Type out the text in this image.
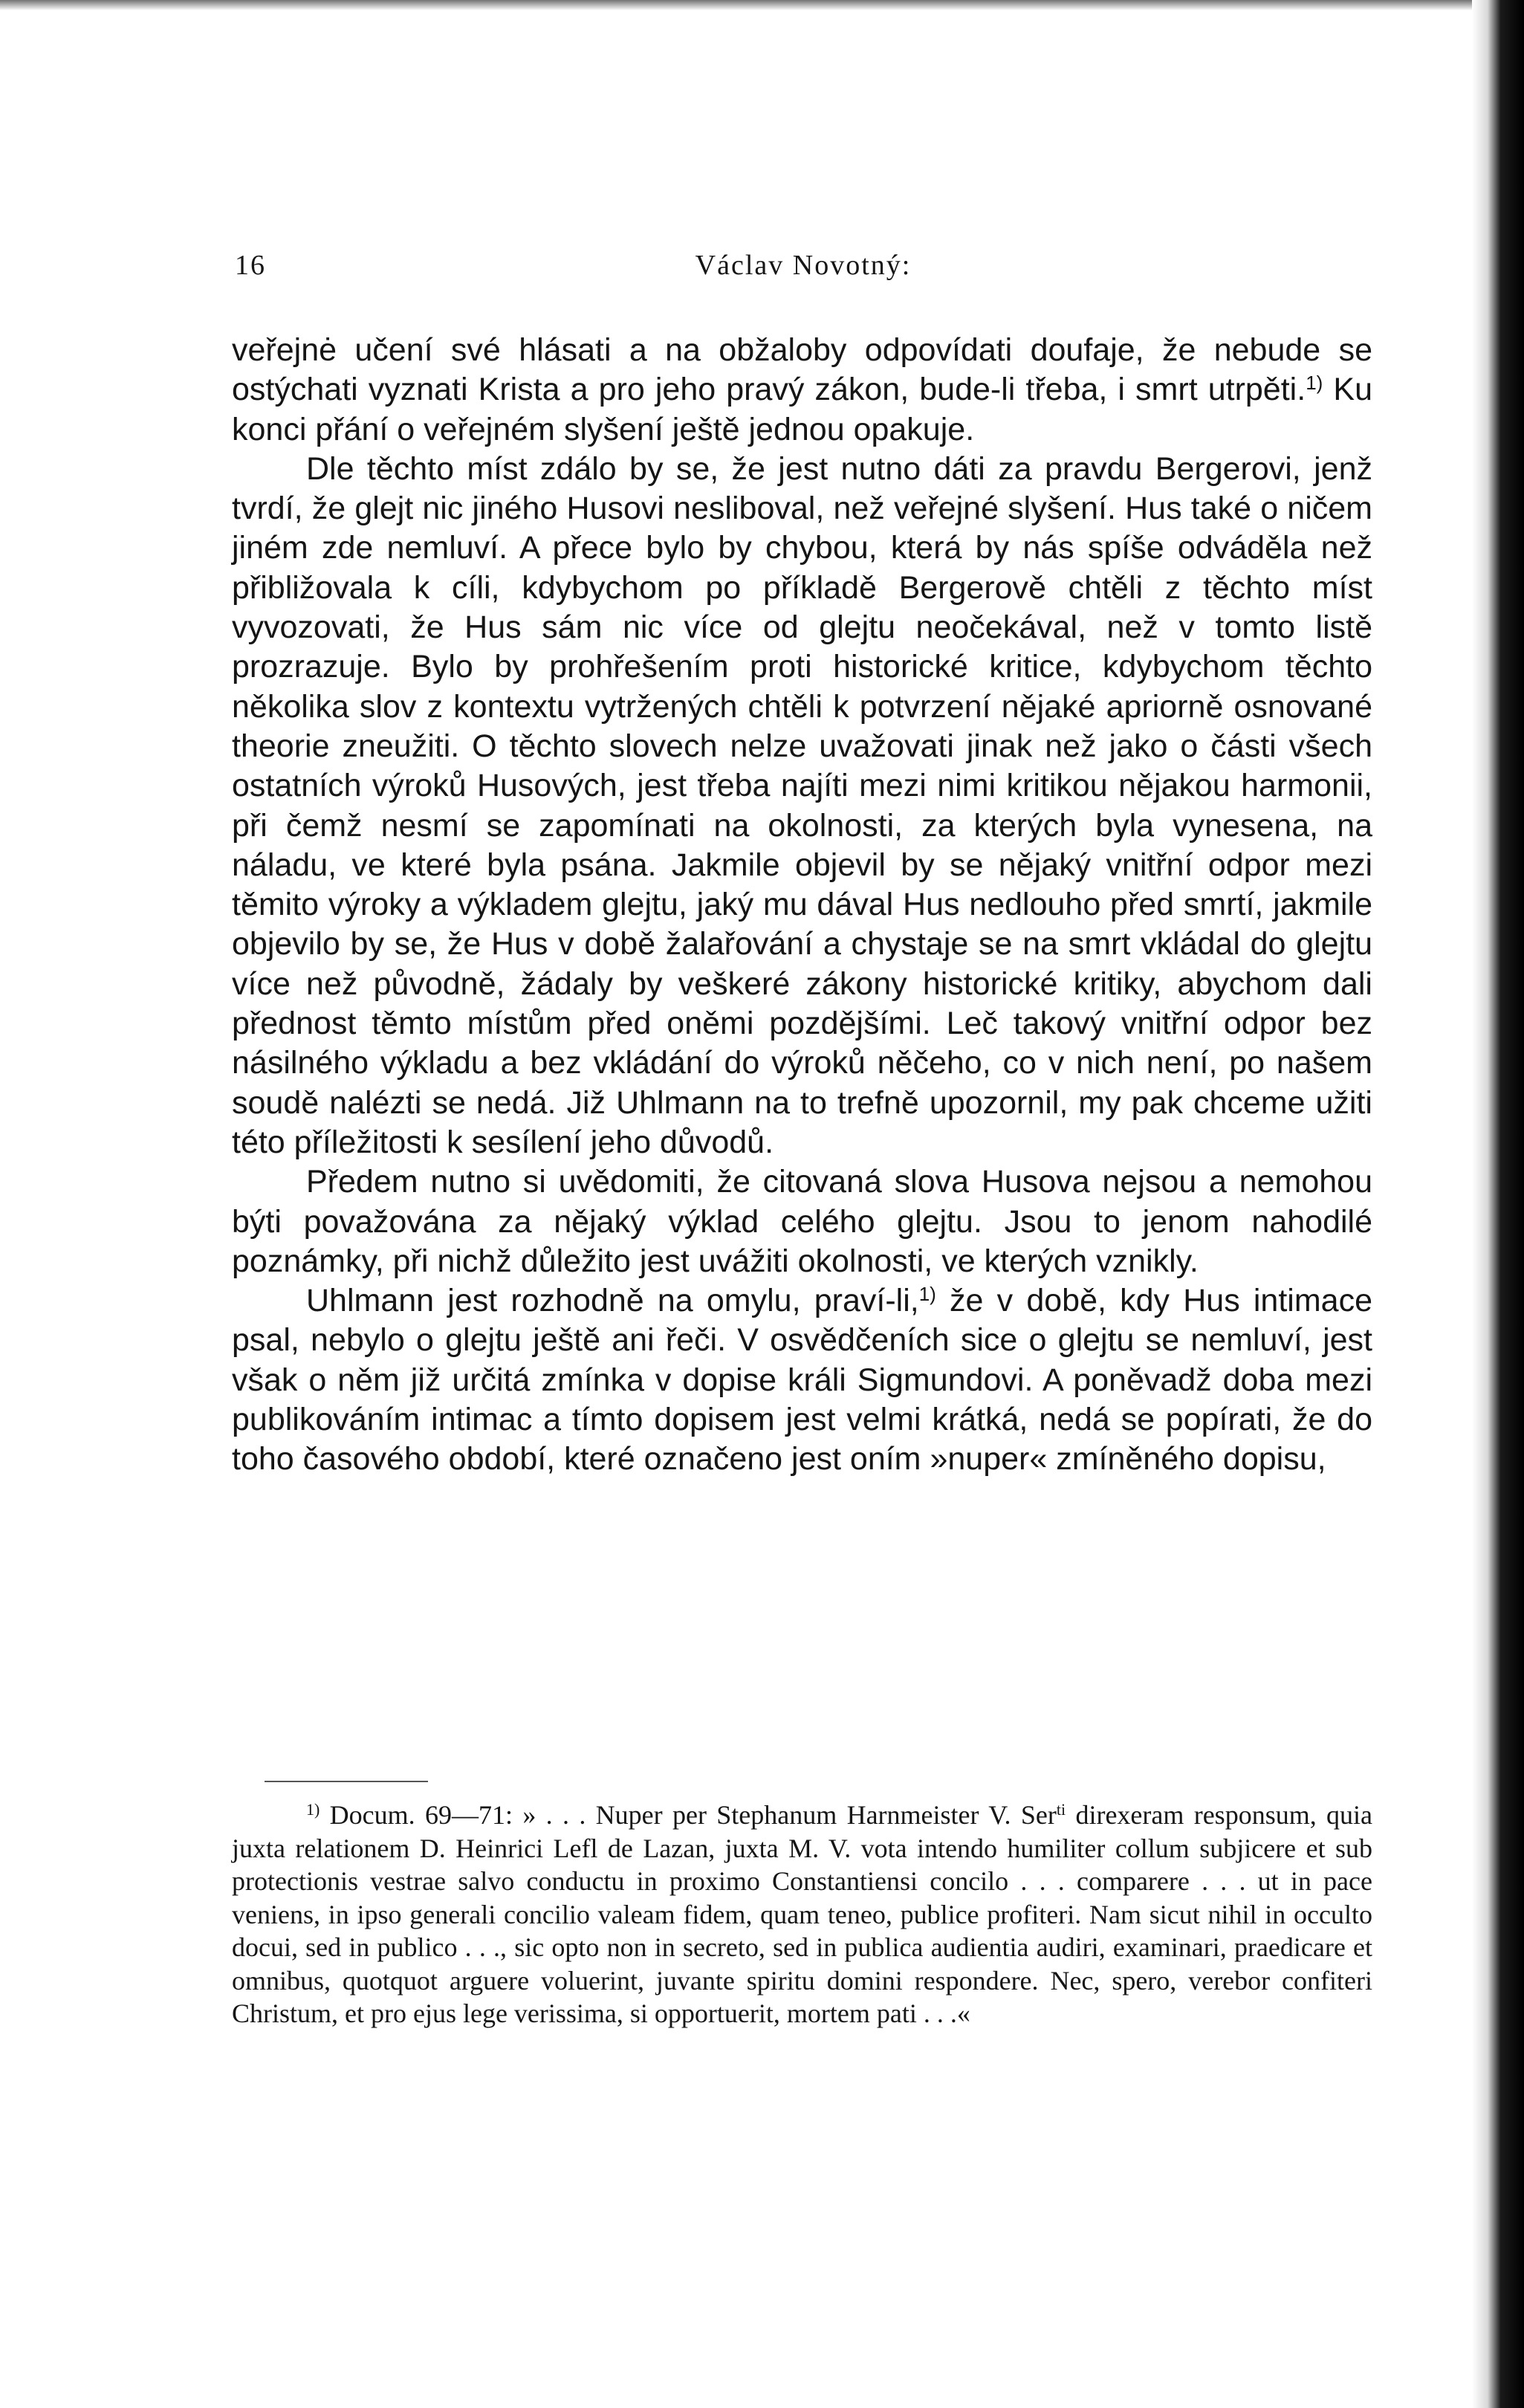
16	Václav Novotný:

veřejnė učení své hlásati a na obžaloby odpovídati doufaje, že nebude se ostýchati vyznati Krista a pro jeho pravý zákon, bude-li třeba, i smrt utrpěti.$^{1)}$ Ku konci přání o veřejném slyšení ještě jednou opakuje.

Dle těchto míst zdálo by se, že jest nutno dáti za pravdu Bergerovi, jenž tvrdí, že glejt nic jiného Husovi nesliboval, než veřejné slyšení. Hus také o ničem jiném zde nemluví. A přece bylo by chybou, která by nás spíše odváděla než přibližovala k cíli, kdybychom po příkladě Bergerově chtěli z těchto míst vyvozovati, že Hus sám nic více od glejtu neočekával, než v tomto listě prozrazuje. Bylo by prohřešením proti historické kritice, kdybychom těchto několika slov z kontextu vytržených chtěli k potvrzení nějaké apriorně osnované theorie zneužiti. O těchto slovech nelze uvažovati jinak než jako o části všech ostatních výroků Husových, jest třeba najíti mezi nimi kritikou nějakou harmonii, při čemž nesmí se zapomínati na okolnosti, za kterých byla vynesena, na náladu, ve které byla psána. Jakmile objevil by se nějaký vnitřní odpor mezi těmito výroky a výkladem glejtu, jaký mu dával Hus nedlouho před smrtí, jakmile objevilo by se, že Hus v době žalařování a chystaje se na smrt vkládal do glejtu více než původně, žádaly by veškeré zákony historické kritiky, abychom dali přednost těmto místům před oněmi pozdějšími. Leč takový vnitřní odpor bez násilného výkladu a bez vkládání do výroků něčeho, co v nich není, po našem soudě nalézti se nedá. Již Uhlmann na to trefně upozornil, my pak chceme užiti této příležitosti k sesílení jeho důvodů.

Předem nutno si uvědomiti, že citovaná slova Husova nejsou a nemohou býti považována za nějaký výklad celého glejtu. Jsou to jenom nahodilé poznámky, při nichž důležito jest uvážiti okolnosti, ve kterých vznikly.

Uhlmann jest rozhodně na omylu, praví-li,$^{1)}$ že v době, kdy Hus intimace psal, nebylo o glejtu ještě ani řeči. V osvědčeních sice o glejtu se nemluví, jest však o něm již určitá zmínka v dopise králi Sigmundovi. A poněvadž doba mezi publikováním intimac a tímto dopisem jest velmi krátká, nedá se popírati, že do toho časového období, které označeno jest oním »nuper« zmíněného dopisu,

$^{1)}$ Docum. 69—71: » . . . Nuper per Stephanum Harnmeister V. Ser$^{ti}$ direxeram responsum, quia juxta relationem D. Heinrici Lefl de Lazan, juxta M. V. vota intendo humiliter collum subjicere et sub protectionis vestrae salvo conductu in proximo Constantiensi concilo . . . comparere . . . ut in pace veniens, in ipso generali concilio valeam fidem, quam teneo, publice profiteri. Nam sicut nihil in occulto docui, sed in publico . . ., sic opto non in secreto, sed in publica audientia audiri, examinari, praedicare et omnibus, quotquot arguere voluerint, juvante spiritu domini respondere. Nec, spero, verebor confiteri Christum, et pro ejus lege verissima, si opportuerit, mortem pati . . .«
